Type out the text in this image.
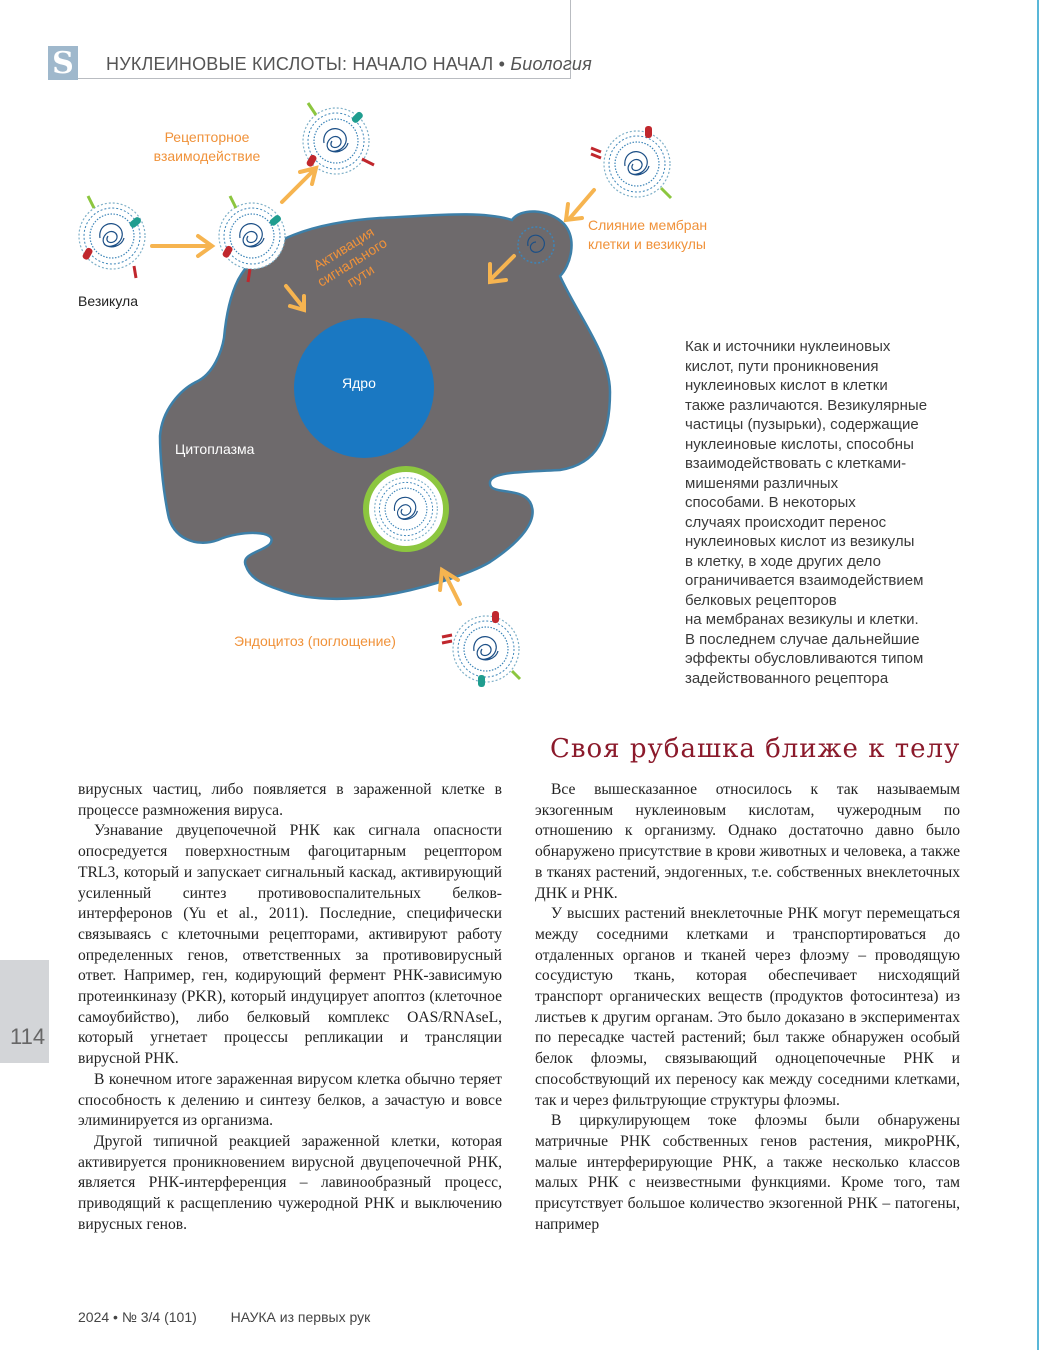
S НУКЛЕИНОВЫЕ КИСЛОТЫ: НАЧАЛО НАЧАЛ • Биология
Рецепторное
взаимодействие
Активация
сигнального
пути
Слияние мембран
клетки и везикулы
Везикула
Ядро
Цитоплазма
Эндоцитоз (поглощение)

Как и источники нуклеиновых
кислот, пути проникновения
нуклеиновых кислот в клетки
также различаются. Везикулярные
частицы (пузырьки), содержащие
нуклеиновые кислоты, способны
взаимодействовать с клетками-
мишенями различных
способами. В некоторых
случаях происходит перенос
нуклеиновых кислот из везикулы
в клетку, в ходе других дело
ограничивается взаимодействием
белковых рецепторов
на мембранах везикулы и клетки.
В последнем случае дальнейшие
эффекты обусловливаются типом
задействованного рецептора

Своя рубашка ближе к телу

вирусных частиц, либо появляется в зараженной клетке в процессе размножения вируса.

Узнавание двуцепочечной РНК как сигнала опасности опосредуется поверхностным фагоцитарным рецептором TRL3, который и запускает сигнальный каскад, активирующий усиленный синтез противовоспалительных белков-интерферонов (Yu et al., 2011). Последние, специфически связываясь с клеточными рецепторами, активируют работу определенных генов, ответственных за противовирусный ответ. Например, ген, кодирующий фермент РНК-зависимую протеинкиназу (PKR), который индуцирует апоптоз (клеточное самоубийство), либо белковый комплекс OAS/RNAseL, который угнетает процессы репликации и трансляции вирусной РНК.

В конечном итоге зараженная вирусом клетка обычно теряет способность к делению и синтезу белков, а зачастую и вовсе элиминируется из организма.

Другой типичной реакцией зараженной клетки, которая активируется проникновением вирусной двуцепочечной РНК, является РНК-интерференция – лавинообразный процесс, приводящий к расщеплению чужеродной РНК и выключению вирусных генов.

Все вышесказанное относилось к так называемым экзогенным нуклеиновым кислотам, чужеродным по отношению к организму. Однако достаточно давно было обнаружено присутствие в крови животных и человека, а также в тканях растений, эндогенных, т.е. собственных внеклеточных ДНК и РНК.

У высших растений внеклеточные РНК могут перемещаться между соседними клетками и транспортироваться до отдаленных органов и тканей через флоэму – проводящую сосудистую ткань, которая обеспечивает нисходящий транспорт органических веществ (продуктов фотосинтеза) из листьев к другим органам. Это было доказано в экспериментах по пересадке частей растений; был также обнаружен особый белок флоэмы, связывающий одноцепочечные РНК и способствующий их переносу как между соседними клетками, так и через фильтрующие структуры флоэмы.

В циркулирующем токе флоэмы были обнаружены матричные РНК собственных генов растения, микроРНК, малые интерферирующие РНК, а также несколько классов малых РНК с неизвестными функциями. Кроме того, там присутствует большое количество экзогенной РНК – патогены, например

114
2024 • № 3/4 (101) НАУКА из первых рук
